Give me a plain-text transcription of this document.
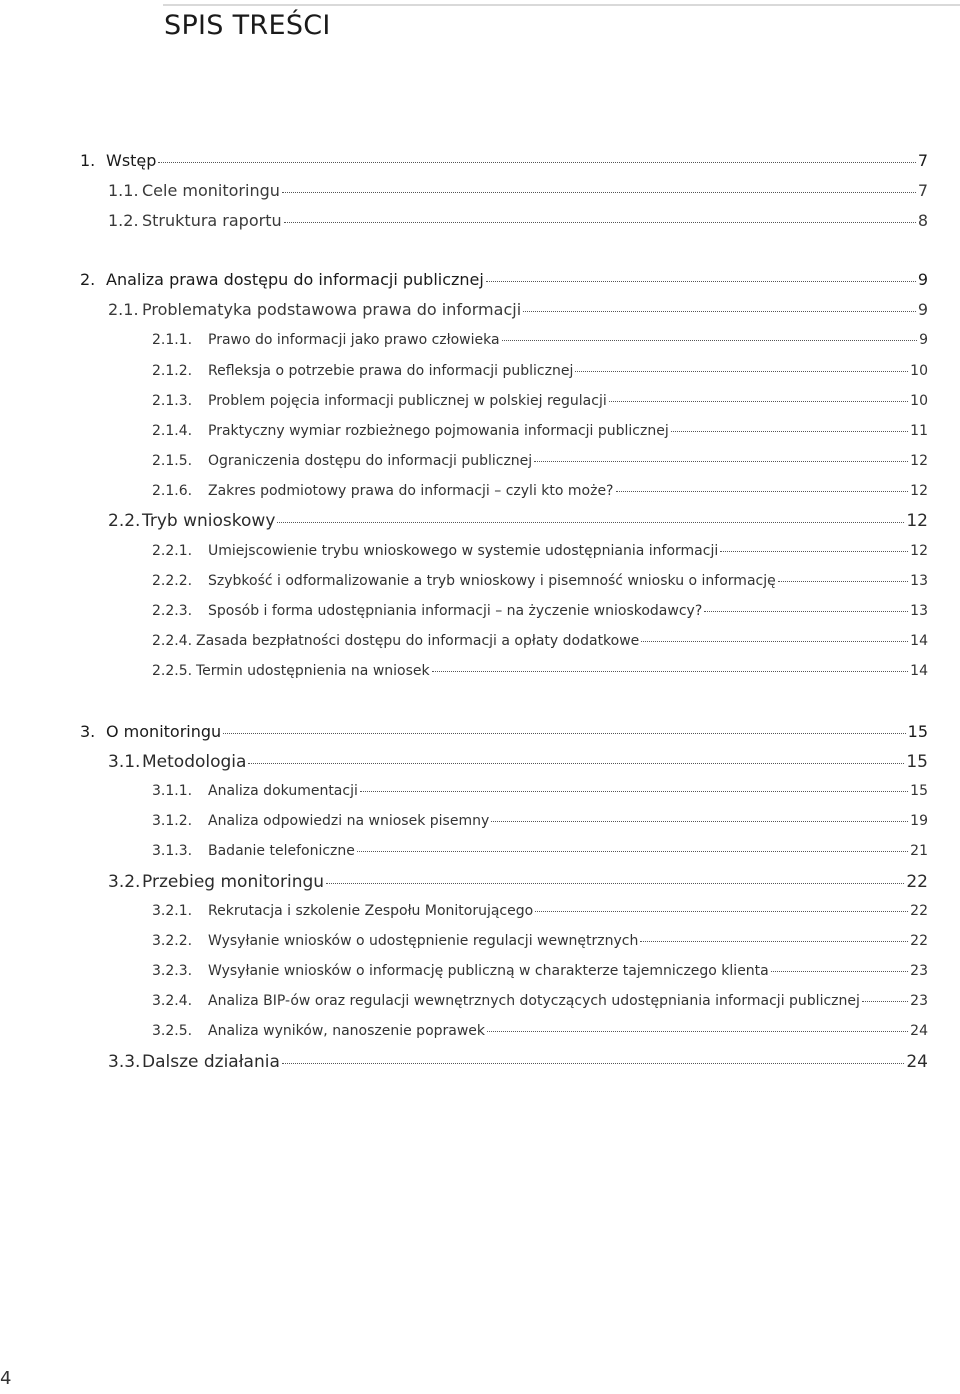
SPIS TREŚCI
1. Wstęp	7
1.1. Cele monitoringu	7
1.2. Struktura raportu	8
2. Analiza prawa dostępu do informacji publicznej	9
2.1. Problematyka podstawowa prawa do informacji	9
2.1.1.	Prawo do informacji jako prawo człowieka	9
2.1.2.	Refleksja o potrzebie prawa do informacji publicznej	10
2.1.3.	Problem pojęcia informacji publicznej w polskiej regulacji	10
2.1.4.	Praktyczny wymiar rozbieżnego pojmowania informacji publicznej	11
2.1.5.	Ograniczenia dostępu do informacji publicznej	12
2.1.6.	Zakres podmiotowy prawa do informacji – czyli kto może?	12
2.2. Tryb wnioskowy	12
2.2.1.	Umiejscowienie trybu wnioskowego w systemie udostępniania informacji	12
2.2.2.	Szybkość i odformalizowanie a tryb wnioskowy i pisemność wniosku o informację	13
2.2.3.	Sposób i forma udostępniania informacji – na życzenie wnioskodawcy?	13
2.2.4. Zasada bezpłatności dostępu do informacji a opłaty dodatkowe	14
2.2.5. Termin udostępnienia na wniosek	14
3. O monitoringu	15
3.1. Metodologia	15
3.1.1.	Analiza dokumentacji	15
3.1.2.	Analiza odpowiedzi na wniosek pisemny	19
3.1.3.	Badanie telefoniczne	21
3.2. Przebieg monitoringu	22
3.2.1.	Rekrutacja i szkolenie Zespołu Monitorującego	22
3.2.2.	Wysyłanie wniosków o udostępnienie regulacji wewnętrznych	22
3.2.3.	Wysyłanie wniosków o informację publiczną w charakterze tajemniczego klienta	23
3.2.4.	Analiza BIP-ów oraz regulacji wewnętrznych dotyczących udostępniania informacji publicznej	23
3.2.5.	Analiza wyników, nanoszenie poprawek	24
3.3. Dalsze działania	24
4
